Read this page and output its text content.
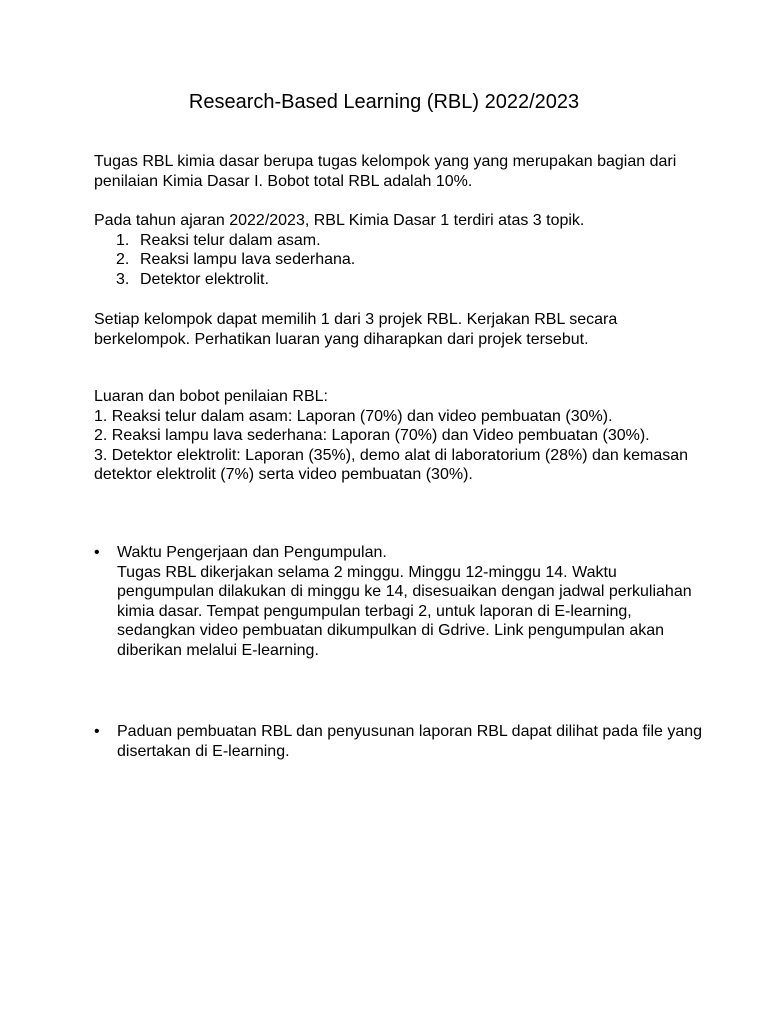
Research-Based Learning (RBL) 2022/2023

Tugas RBL kimia dasar berupa tugas kelompok yang yang merupakan bagian dari penilaian Kimia Dasar I. Bobot total RBL adalah 10%.

Pada tahun ajaran 2022/2023, RBL Kimia Dasar 1 terdiri atas 3 topik.
1. Reaksi telur dalam asam.
2. Reaksi lampu lava sederhana.
3. Detektor elektrolit.

Setiap kelompok dapat memilih 1 dari 3 projek RBL. Kerjakan RBL secara berkelompok. Perhatikan luaran yang diharapkan dari projek tersebut.

Luaran dan bobot penilaian RBL:
1. Reaksi telur dalam asam: Laporan (70%) dan video pembuatan (30%).
2. Reaksi lampu lava sederhana: Laporan (70%) dan Video pembuatan (30%).
3. Detektor elektrolit: Laporan (35%), demo alat di laboratorium (28%) dan kemasan detektor elektrolit (7%) serta video pembuatan (30%).
•	Waktu Pengerjaan dan Pengumpulan.
Tugas RBL dikerjakan selama 2 minggu. Minggu 12-minggu 14. Waktu pengumpulan dilakukan di minggu ke 14, disesuaikan dengan jadwal perkuliahan kimia dasar. Tempat pengumpulan terbagi 2, untuk laporan di E-learning, sedangkan video pembuatan dikumpulkan di Gdrive. Link pengumpulan akan diberikan melalui E-learning.
•	Paduan pembuatan RBL dan penyusunan laporan RBL dapat dilihat pada file yang disertakan di E-learning.
